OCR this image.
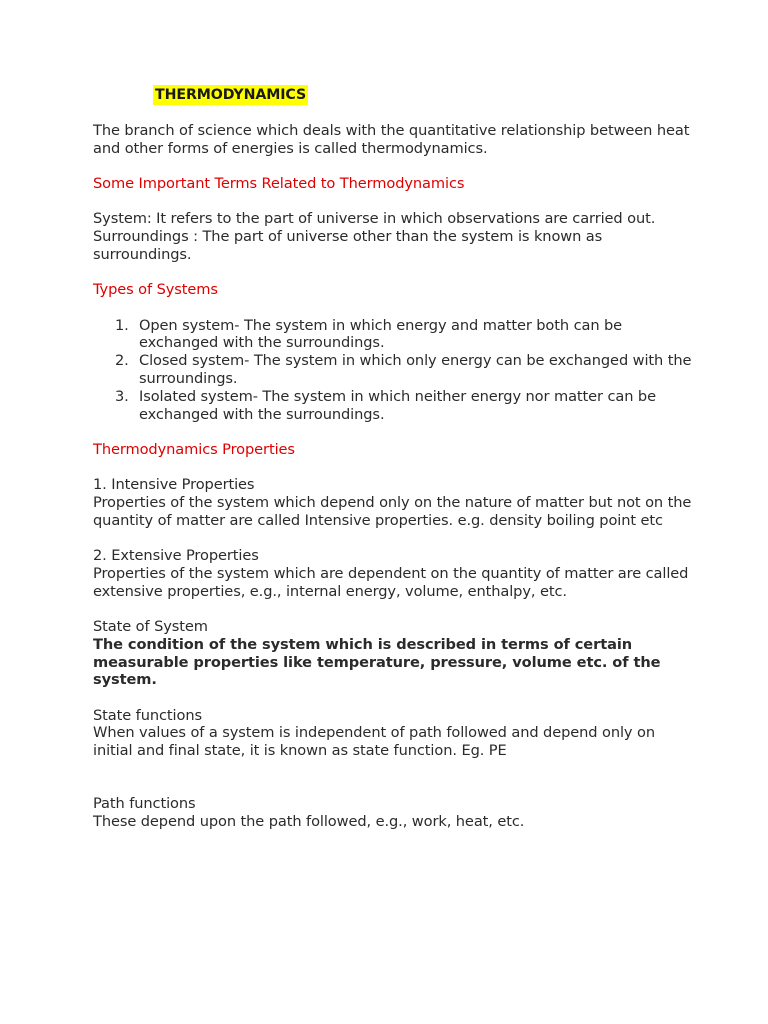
THERMODYNAMICS

The branch of science which deals with the quantitative relationship between heat and other forms of energies is called thermodynamics.

Some Important Terms Related to Thermodynamics

System: It refers to the part of universe in which observations are carried out.

Surroundings : The part of universe other than the system is known as surroundings.

Types of Systems

1. Open system- The system in which energy and matter both can be exchanged with the surroundings.
2. Closed system- The system in which only energy can be exchanged with the surroundings.
3. Isolated system- The system in which neither energy nor matter can be exchanged with the surroundings.

Thermodynamics Properties

1. Intensive Properties

Properties of the system which depend only on the nature of matter but not on the quantity of matter are called Intensive properties. e.g. density boiling point etc

2. Extensive Properties

Properties of the system which are dependent on the quantity of matter are called extensive properties, e.g., internal energy, volume, enthalpy, etc.

State of System

The condition of the system which is described in terms of certain measurable properties like temperature, pressure, volume etc. of the system.

State functions

When values of a system is independent of path followed and depend only on initial and final state, it is known as state function. Eg. PE

Path functions

These depend upon the path followed, e.g., work, heat, etc.
